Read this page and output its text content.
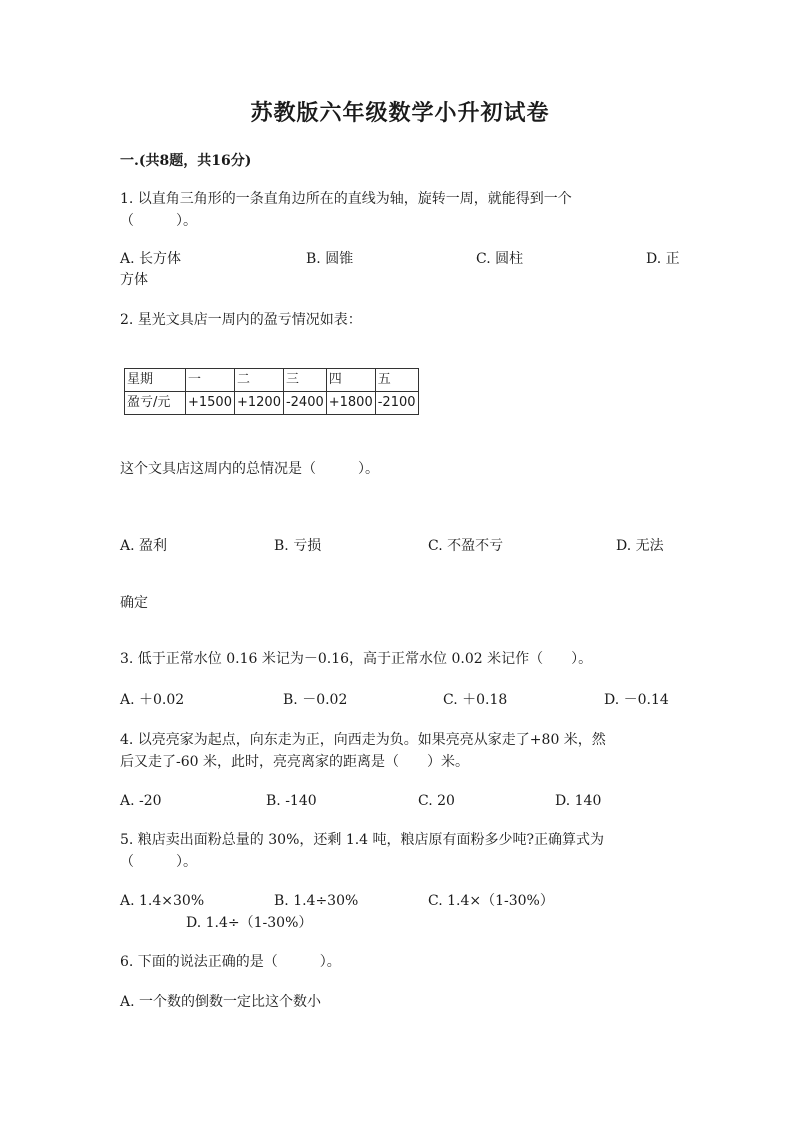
苏教版六年级数学小升初试卷
一.(共8题，共16分)
1. 以直角三角形的一条直角边所在的直线为轴，旋转一周，就能得到一个
（　　　）。
A. 长方体	B. 圆锥	C. 圆柱	D. 正
方体
2. 星光文具店一周内的盈亏情况如表：
星期	一	二	三	四	五
盈亏/元	+1500	+1200	-2400	+1800	-2100
这个文具店这周内的总情况是（　　　）。
A. 盈利	B. 亏损	C. 不盈不亏	D. 无法
确定
3. 低于正常水位 0.16 米记为－0.16，高于正常水位 0.02 米记作（　　）。
A. ＋0.02	B. －0.02	C. ＋0.18	D. －0.14
4. 以亮亮家为起点，向东走为正，向西走为负。如果亮亮从家走了+80 米，然
后又走了-60 米，此时，亮亮离家的距离是（　　）米。
A. -20	B. -140	C. 20	D. 140
5. 粮店卖出面粉总量的 30%，还剩 1.4 吨，粮店原有面粉多少吨?正确算式为
（　　　）。
A. 1.4×30%	B. 1.4÷30%	C. 1.4×（1-30%）
D. 1.4÷（1-30%）
6. 下面的说法正确的是（　　　）。
A. 一个数的倒数一定比这个数小
